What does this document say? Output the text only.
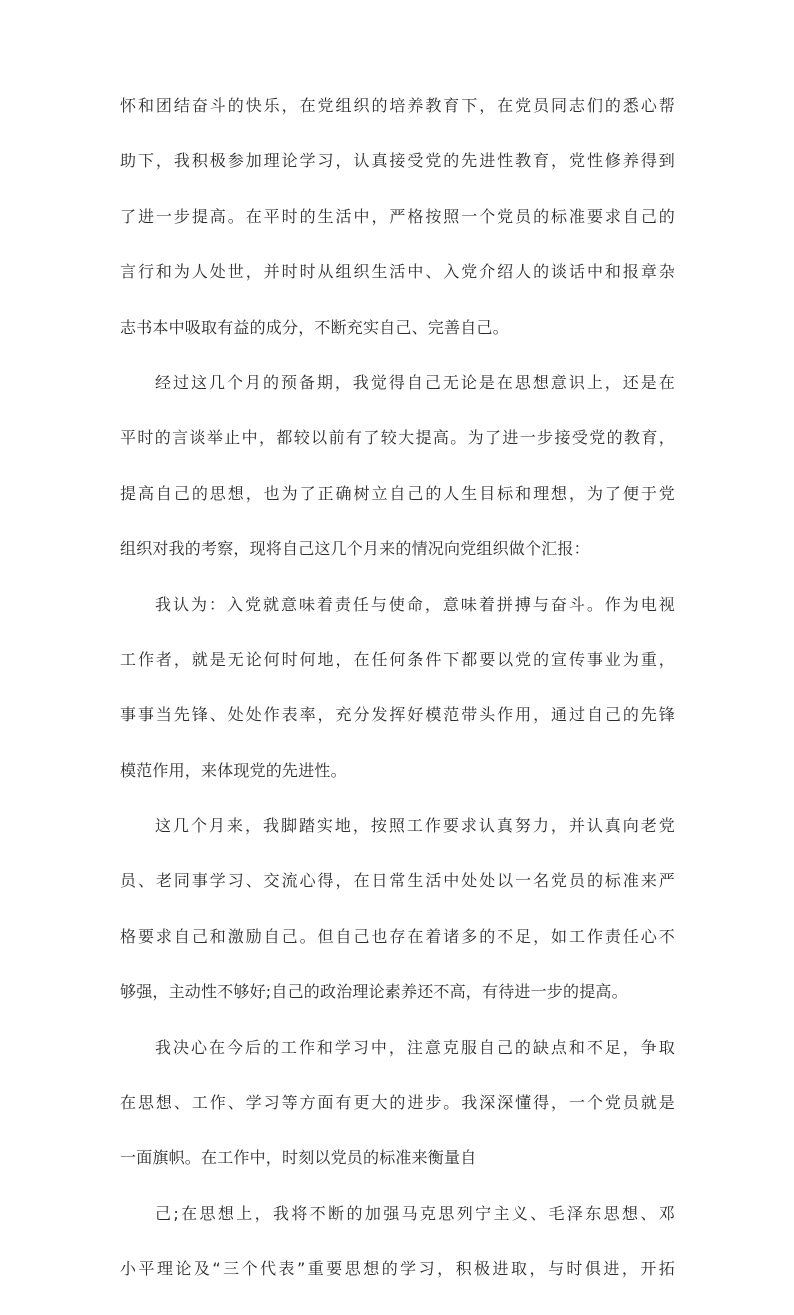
怀和团结奋斗的快乐，在党组织的培养教育下，在党员同志们的悉心帮
助下，我积极参加理论学习，认真接受党的先进性教育，党性修养得到
了进一步提高。在平时的生活中，严格按照一个党员的标准要求自己的
言行和为人处世，并时时从组织生活中、入党介绍人的谈话中和报章杂
志书本中吸取有益的成分，不断充实自己、完善自己。
经过这几个月的预备期，我觉得自己无论是在思想意识上，还是在
平时的言谈举止中，都较以前有了较大提高。为了进一步接受党的教育，
提高自己的思想，也为了正确树立自己的人生目标和理想，为了便于党
组织对我的考察，现将自己这几个月来的情况向党组织做个汇报：
我认为：入党就意味着责任与使命，意味着拼搏与奋斗。作为电视
工作者，就是无论何时何地，在任何条件下都要以党的宣传事业为重，
事事当先锋、处处作表率，充分发挥好模范带头作用，通过自己的先锋
模范作用，来体现党的先进性。
这几个月来，我脚踏实地，按照工作要求认真努力，并认真向老党
员、老同事学习、交流心得，在日常生活中处处以一名党员的标准来严
格要求自己和激励自己。但自己也存在着诸多的不足，如工作责任心不
够强，主动性不够好;自己的政治理论素养还不高，有待进一步的提高。
我决心在今后的工作和学习中，注意克服自己的缺点和不足，争取
在思想、工作、学习等方面有更大的进步。我深深懂得，一个党员就是
一面旗帜。在工作中，时刻以党员的标准来衡量自
己;在思想上，我将不断的加强马克思列宁主义、毛泽东思想、邓
小平理论及“三个代表”重要思想的学习，积极进取，与时俱进，开拓
